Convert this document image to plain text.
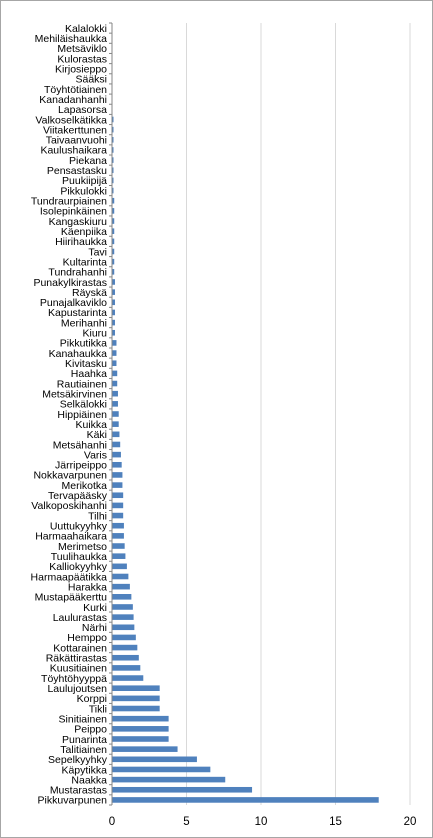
Kalalokki
Mehiläishaukka
Metsäviklo
Kulorastas
Kirjosieppo
Sääksi
Töyhtötiainen
Kanadanhanhi
Lapasorsa
Valkoselkätikka
Viitakerttunen
Taivaanvuohi
Kaulushaikara
Piekana
Pensastasku
Puukiipijä
Pikkulokki
Tundraurpiainen
Isolepinkäinen
Kangaskiuru
Käenpiika
Hiirihaukka
Tavi
Kultarinta
Tundrahanhi
Punakylkirastas
Räyskä
Punajalkaviklo
Kapustarinta
Merihanhi
Kiuru
Pikkutikka
Kanahaukka
Kivitasku
Haahka
Rautiainen
Metsäkirvinen
Selkälokki
Hippiäinen
Kuikka
Käki
Metsähanhi
Varis
Järripeippo
Nokkavarpunen
Merikotka
Tervapääsky
Valkoposkihanhi
Tilhi
Uuttukyyhky
Harmaahaikara
Merimetso
Tuulihaukka
Kalliokyyhky
Harmaapäätikka
Harakka
Mustapääkerttu
Kurki
Laulurastas
Närhi
Hemppo
Kottarainen
Räkättirastas
Kuusitiainen
Töyhtöhyyppä
Laulujoutsen
Korppi
Tikli
Sinitiainen
Peippo
Punarinta
Talitiainen
Sepelkyyhky
Käpytikka
Naakka
Mustarastas
Pikkuvarpunen
0	5	10	15	20
